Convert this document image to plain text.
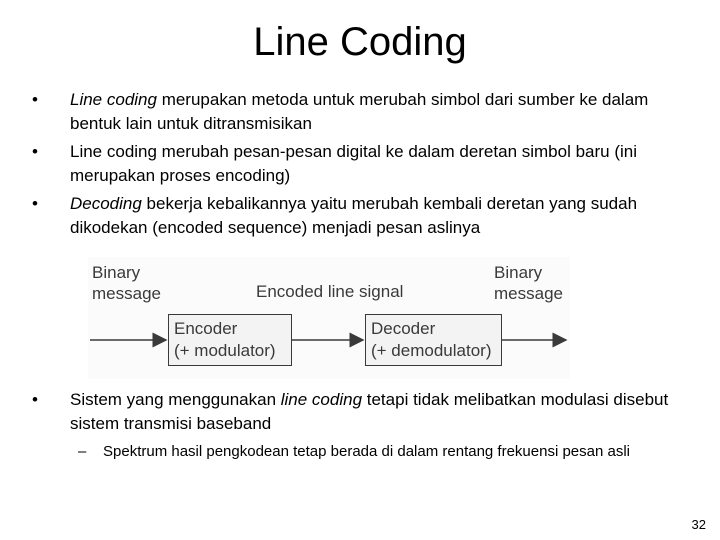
Line Coding
• Line coding merupakan metoda untuk merubah simbol dari sumber ke dalam bentuk lain untuk ditransmisikan
• Line coding merubah pesan-pesan digital ke dalam deretan simbol baru (ini merupakan proses encoding)
• Decoding bekerja kebalikannya yaitu merubah kembali deretan yang sudah dikodekan (encoded sequence) menjadi pesan aslinya
Binary
message	Encoded line signal
Binary
message
Encoder
(+ modulator)
Decoder
(+ demodulator)
• Sistem yang menggunakan line coding tetapi tidak melibatkan modulasi disebut sistem transmisi baseband
– Spektrum hasil pengkodean tetap berada di dalam rentang frekuensi pesan asli
32
